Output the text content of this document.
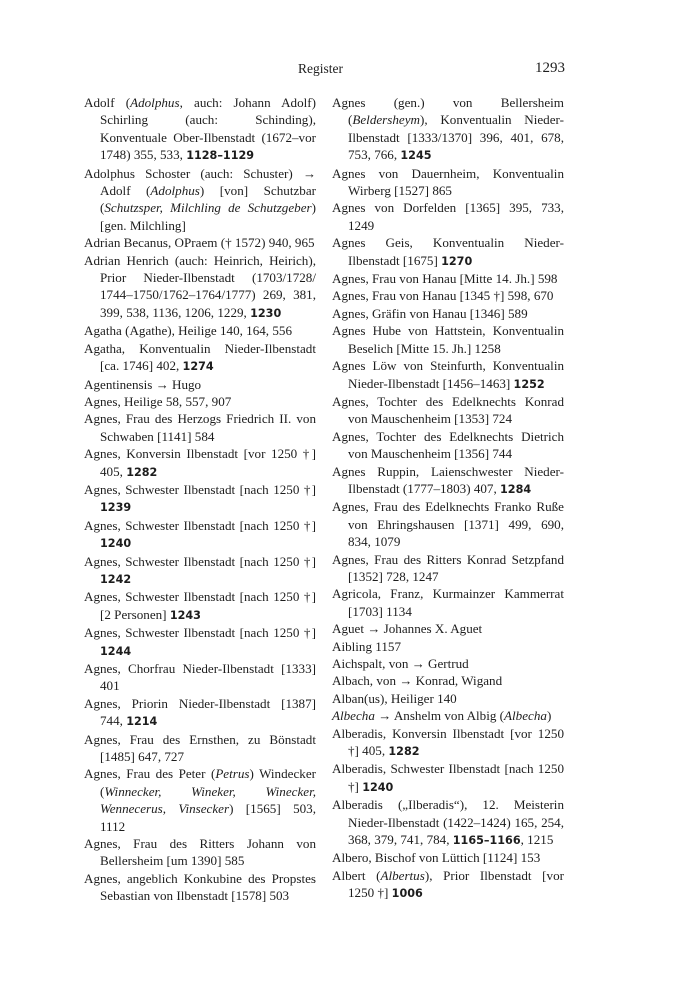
Register	1293

Adolf (Adolphus, auch: Johann Adolf) Schirling (auch: Schinding), Konventuale Ober-Ilbenstadt (1672–vor 1748) 355, 533, 1128–1129

Adolphus Schoster (auch: Schuster) → Adolf (Adolphus) [von] Schutzbar (Schutzsper, Milchling de Schutzgeber) [gen. Milchling]

Adrian Becanus, OPraem († 1572) 940, 965

Adrian Henrich (auch: Heinrich, Heirich), Prior Nieder-Ilbenstadt (1703/1728/ 1744–1750/1762–1764/1777) 269, 381, 399, 538, 1136, 1206, 1229, 1230

Agatha (Agathe), Heilige 140, 164, 556

Agatha, Konventualin Nieder-Ilbenstadt [ca. 1746] 402, 1274

Agentinensis → Hugo

Agnes, Heilige 58, 557, 907

Agnes, Frau des Herzogs Friedrich II. von Schwaben [1141] 584

Agnes, Konversin Ilbenstadt [vor 1250 †] 405, 1282

Agnes, Schwester Ilbenstadt [nach 1250 †] 1239

Agnes, Schwester Ilbenstadt [nach 1250 †] 1240

Agnes, Schwester Ilbenstadt [nach 1250 †] 1242

Agnes, Schwester Ilbenstadt [nach 1250 †] [2 Personen] 1243

Agnes, Schwester Ilbenstadt [nach 1250 †] 1244

Agnes, Chorfrau Nieder-Ilbenstadt [1333] 401

Agnes, Priorin Nieder-Ilbenstadt [1387] 744, 1214

Agnes, Frau des Ernsthen, zu Bönstadt [1485] 647, 727

Agnes, Frau des Peter (Petrus) Windecker (Winnecker, Wineker, Winecker, Wennecerus, Vinsecker) [1565] 503, 1112

Agnes, Frau des Ritters Johann von Bellersheim [um 1390] 585

Agnes, angeblich Konkubine des Propstes Sebastian von Ilbenstadt [1578] 503

Agnes (gen.) von Bellersheim (Beldersheym), Konventualin Nieder-Ilbenstadt [1333/1370] 396, 401, 678, 753, 766, 1245

Agnes von Dauernheim, Konventualin Wirberg [1527] 865

Agnes von Dorfelden [1365] 395, 733, 1249

Agnes Geis, Konventualin Nieder-Ilbenstadt [1675] 1270

Agnes, Frau von Hanau [Mitte 14. Jh.] 598

Agnes, Frau von Hanau [1345 †] 598, 670

Agnes, Gräfin von Hanau [1346] 589

Agnes Hube von Hattstein, Konventualin Beselich [Mitte 15. Jh.] 1258

Agnes Löw von Steinfurth, Konventualin Nieder-Ilbenstadt [1456–1463] 1252

Agnes, Tochter des Edelknechts Konrad von Mauschenheim [1353] 724

Agnes, Tochter des Edelknechts Dietrich von Mauschenheim [1356] 744

Agnes Ruppin, Laienschwester Nieder-Ilbenstadt (1777–1803) 407, 1284

Agnes, Frau des Edelknechts Franko Ruße von Ehringshausen [1371] 499, 690, 834, 1079

Agnes, Frau des Ritters Konrad Setzpfand [1352] 728, 1247

Agricola, Franz, Kurmainzer Kammerrat [1703] 1134

Aguet → Johannes X. Aguet

Aibling 1157

Aichspalt, von → Gertrud

Albach, von → Konrad, Wigand

Alban(us), Heiliger 140

Albecha → Anshelm von Albig (Albecha)

Alberadis, Konversin Ilbenstadt [vor 1250 †] 405, 1282

Alberadis, Schwester Ilbenstadt [nach 1250 †] 1240

Alberadis („Ilberadis“), 12. Meisterin Nieder-Ilbenstadt (1422–1424) 165, 254, 368, 379, 741, 784, 1165–1166, 1215

Albero, Bischof von Lüttich [1124] 153

Albert (Albertus), Prior Ilbenstadt [vor 1250 †] 1006
